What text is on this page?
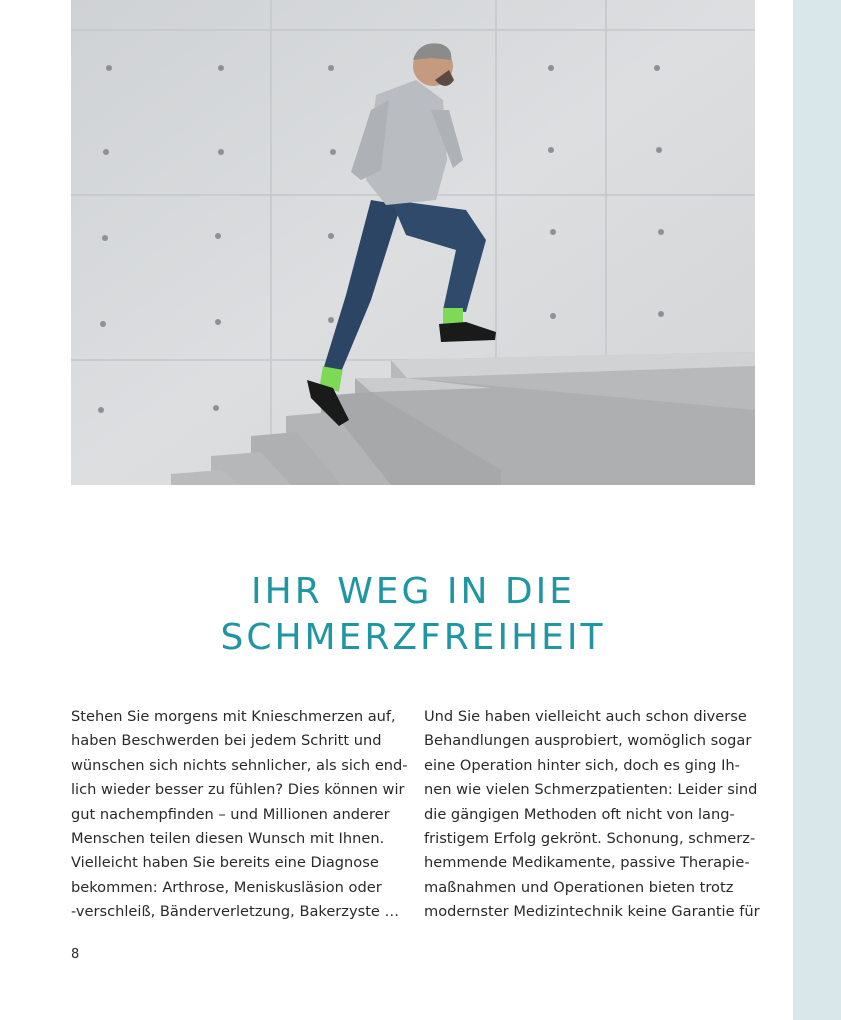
IHR WEG IN DIE
SCHMERZFREIHEIT
Stehen Sie morgens mit Knieschmerzen auf,
haben Beschwerden bei jedem Schritt und
wünschen sich nichts sehnlicher, als sich end-
lich wieder besser zu fühlen? Dies können wir
gut nachempfinden – und Millionen anderer
Menschen teilen diesen Wunsch mit Ihnen.
Vielleicht haben Sie bereits eine Diagnose
bekommen: Arthrose, Meniskusläsion oder
-verschleiß, Bänderverletzung, Bakerzyste …
Und Sie haben vielleicht auch schon diverse
Behandlungen ausprobiert, womöglich sogar
eine Operation hinter sich, doch es ging Ih-
nen wie vielen Schmerzpatienten: Leider sind
die gängigen Methoden oft nicht von lang-
fristigem Erfolg gekrönt. Schonung, schmerz-
hemmende Medikamente, passive Therapie-
maßnahmen und Operationen bieten trotz
modernster Medizintechnik keine Garantie für
8
